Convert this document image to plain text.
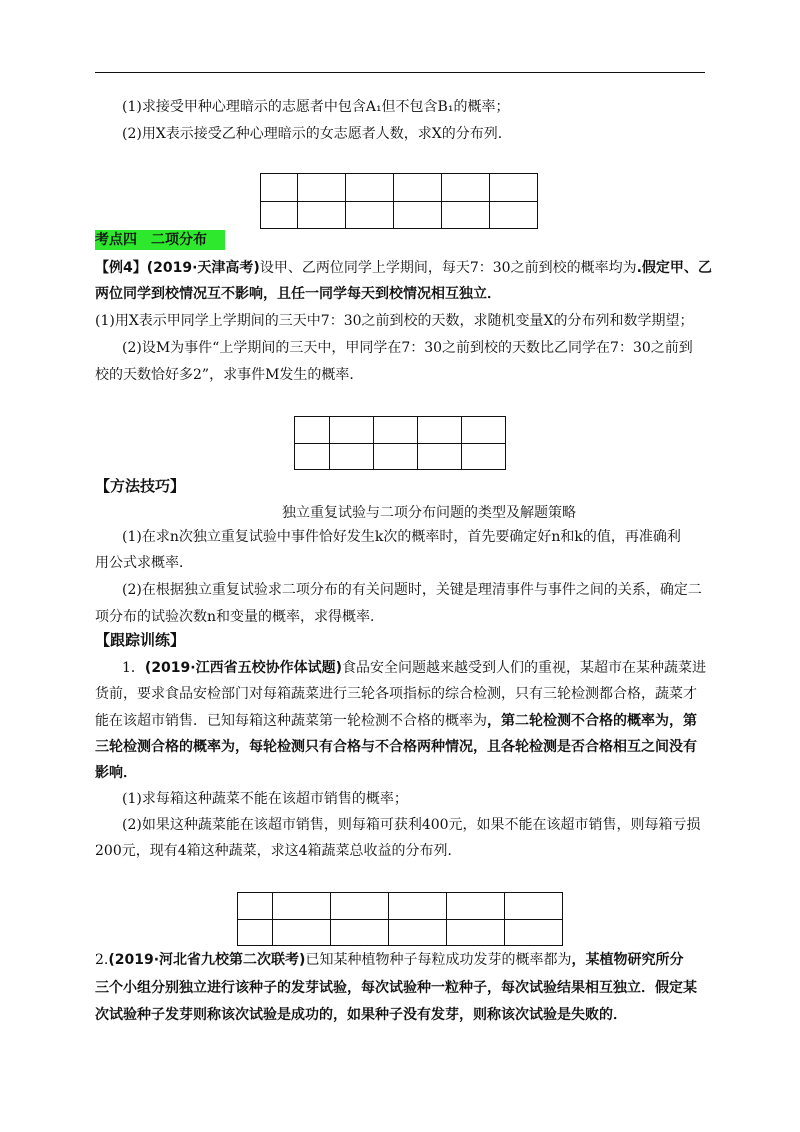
(1)求接受甲种心理暗示的志愿者中包含A₁但不包含B₁的概率；
(2)用X表示接受乙种心理暗示的女志愿者人数，求X的分布列．

考点四　二项分布
【例4】(2019·天津高考)设甲、乙两位同学上学期间，每天7：30之前到校的概率均为.假定甲、乙
两位同学到校情况互不影响，且任一同学每天到校情况相互独立．
(1)用X表示甲同学上学期间的三天中7：30之前到校的天数，求随机变量X的分布列和数学期望；
(2)设M为事件“上学期间的三天中，甲同学在7：30之前到校的天数比乙同学在7：30之前到
校的天数恰好多2”，求事件M发生的概率．

【方法技巧】
独立重复试验与二项分布问题的类型及解题策略
(1)在求n次独立重复试验中事件恰好发生k次的概率时，首先要确定好n和k的值，再准确利
用公式求概率．
(2)在根据独立重复试验求二项分布的有关问题时，关键是理清事件与事件之间的关系，确定二
项分布的试验次数n和变量的概率，求得概率．
【跟踪训练】
1．(2019·江西省五校协作体试题)食品安全问题越来越受到人们的重视，某超市在某种蔬菜进
货前，要求食品安检部门对每箱蔬菜进行三轮各项指标的综合检测，只有三轮检测都合格，蔬菜才
能在该超市销售．已知每箱这种蔬菜第一轮检测不合格的概率为，第二轮检测不合格的概率为，第
三轮检测合格的概率为，每轮检测只有合格与不合格两种情况，且各轮检测是否合格相互之间没有
影响．
(1)求每箱这种蔬菜不能在该超市销售的概率；
(2)如果这种蔬菜能在该超市销售，则每箱可获利400元，如果不能在该超市销售，则每箱亏损
200元，现有4箱这种蔬菜，求这4箱蔬菜总收益的分布列．

2.(2019·河北省九校第二次联考)已知某种植物种子每粒成功发芽的概率都为，某植物研究所分
三个小组分别独立进行该种子的发芽试验，每次试验种一粒种子，每次试验结果相互独立．假定某
次试验种子发芽则称该次试验是成功的，如果种子没有发芽，则称该次试验是失败的．
